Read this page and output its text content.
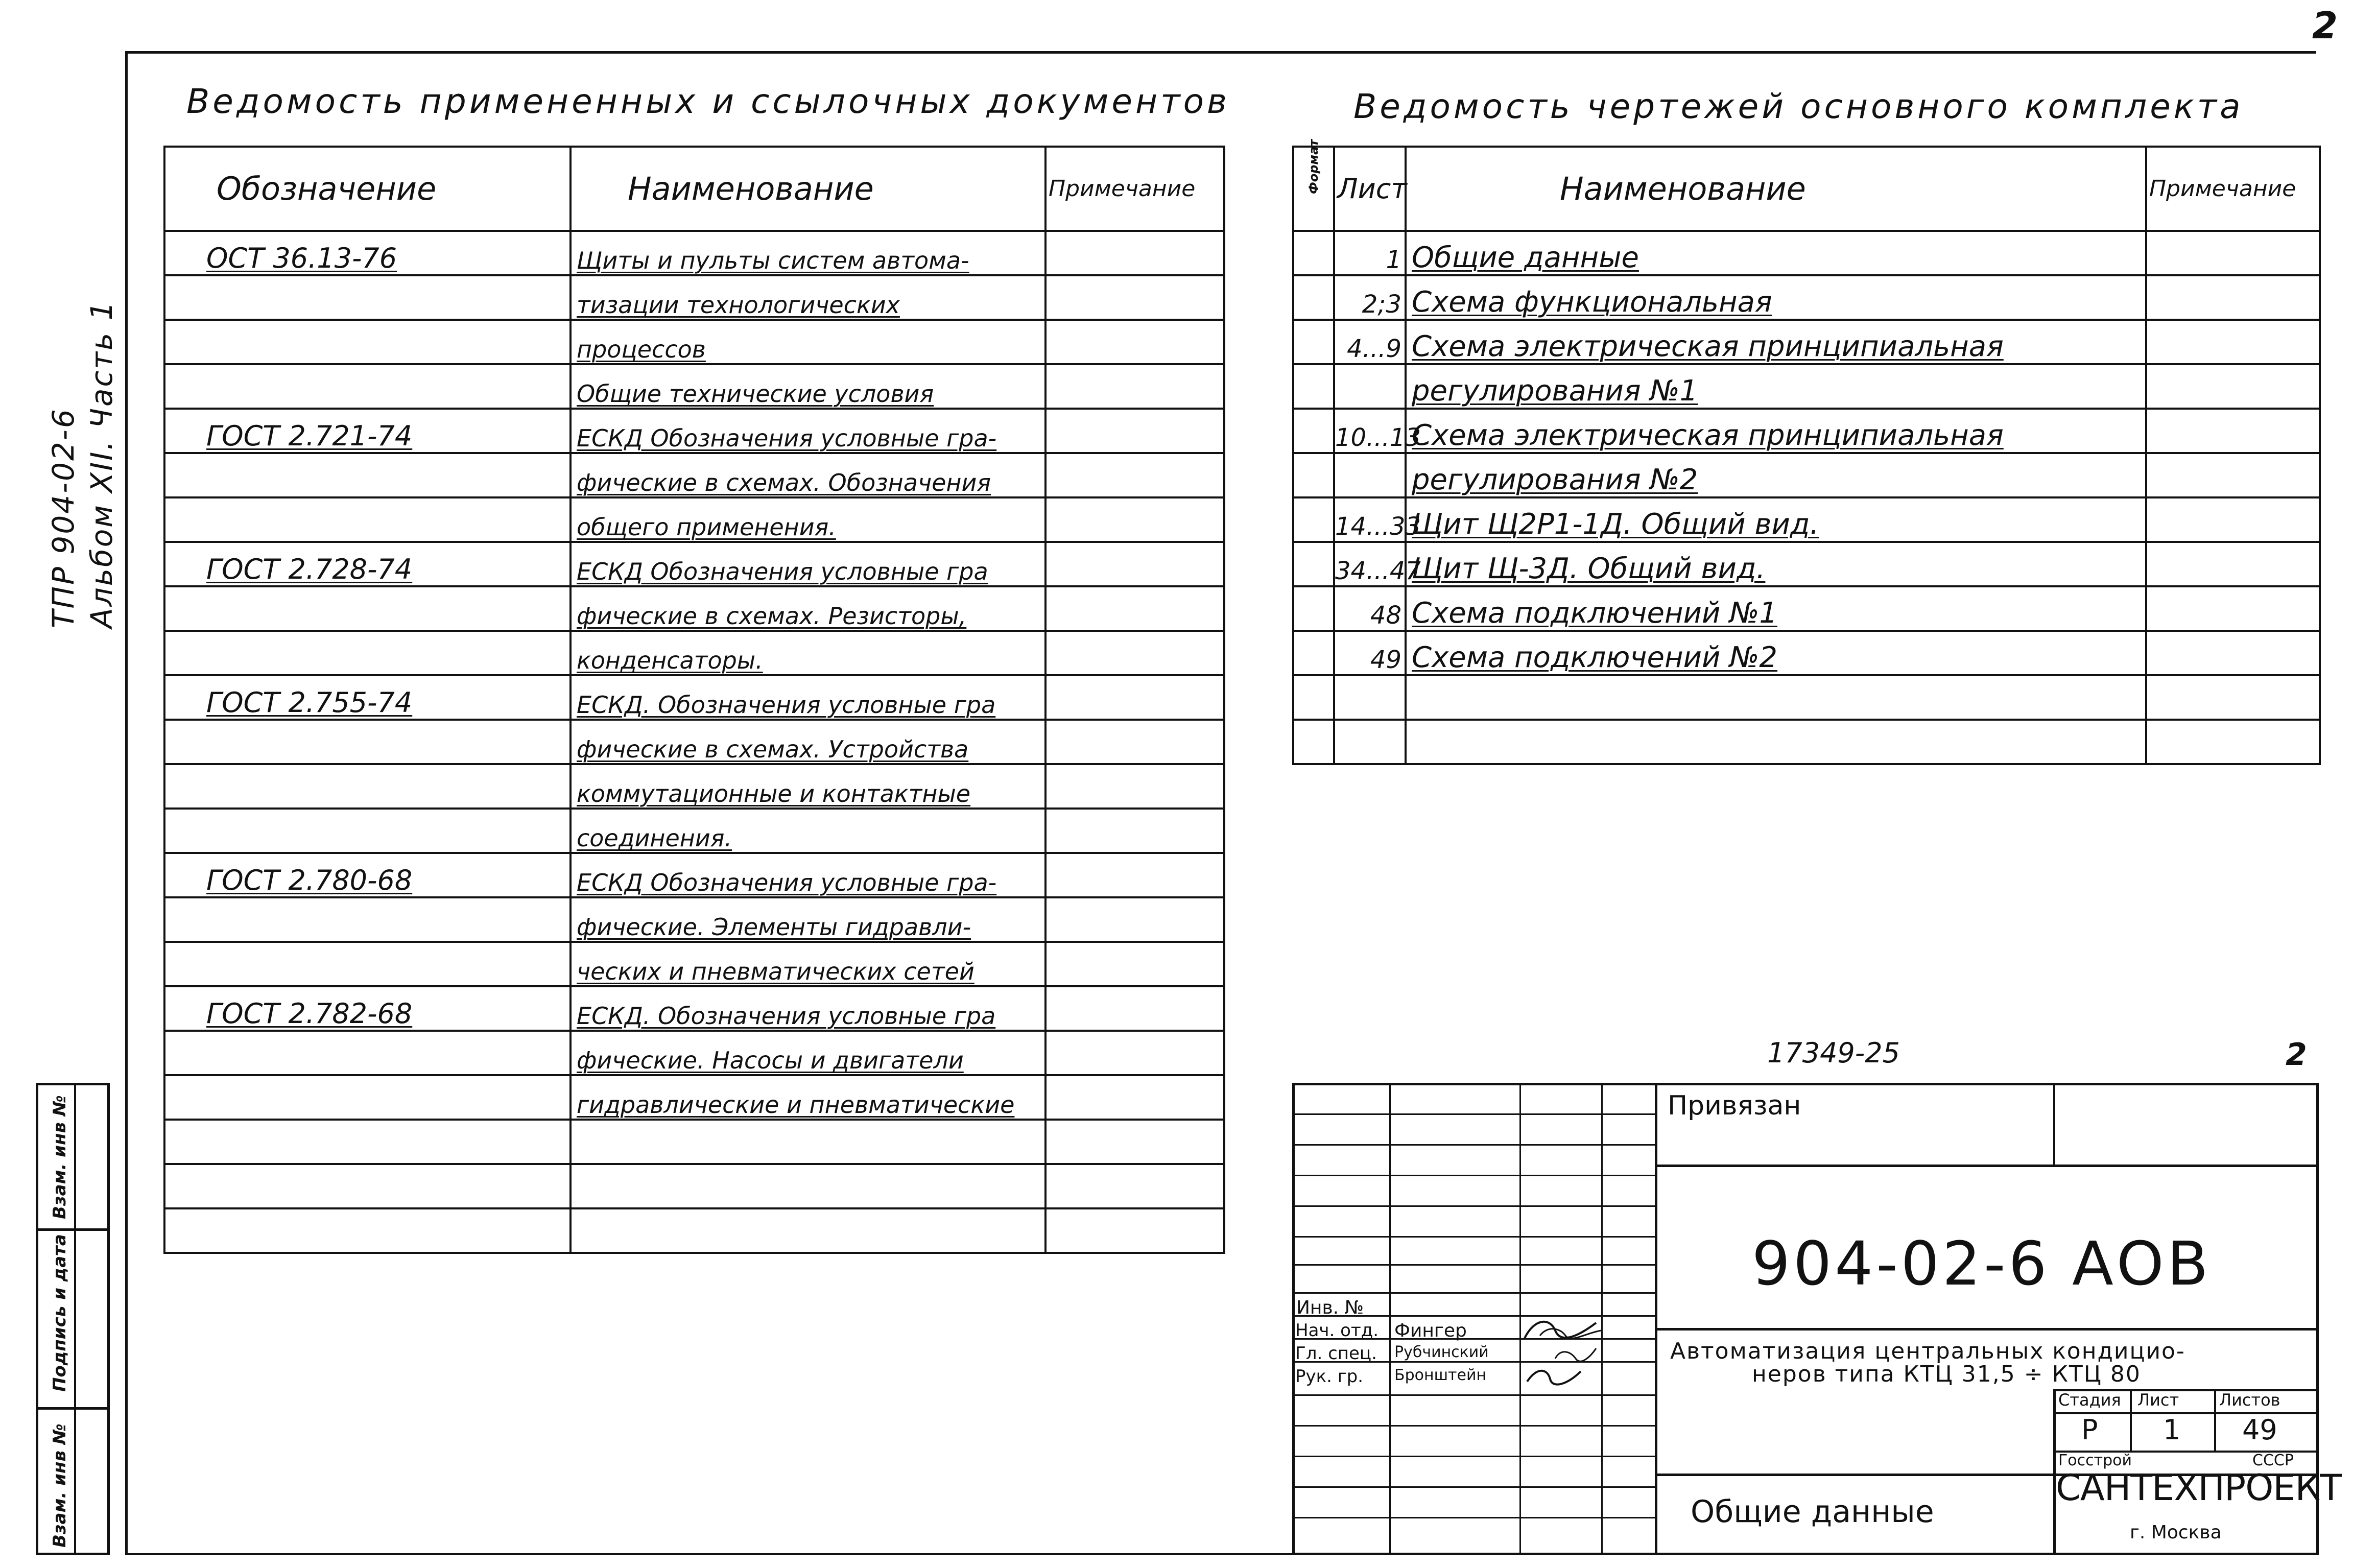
2
ТПР 904-02-6 Альбом XII. Часть 1
Ведомость примененных и ссылочных документов
Обозначение	Наименование	Примечание
ОСТ 36.13-76	Щиты и пульты систем автома-	
	тизации технологических	
	процессов	
	Общие технические условия	
ГОСТ 2.721-74	ЕСКД Обозначения условные гра-	
	фические в схемах. Обозначения	
	общего применения.	
ГОСТ 2.728-74	ЕСКД Обозначения условные гра	
	фические в схемах. Резисторы,	
	конденсаторы.	
ГОСТ 2.755-74	ЕСКД. Обозначения условные гра	
	фические в схемах. Устройства	
	коммутационные и контактные	
	соединения.	
ГОСТ 2.780-68	ЕСКД Обозначения условные гра-	
	фические. Элементы гидравли-	
	ческих и пневматических сетей	
ГОСТ 2.782-68	ЕСКД. Обозначения условные гра	
	фические. Насосы и двигатели	
	гидравлические и пневматические	

Ведомость чертежей основного комплекта
Формат	Лист	Наименование	Примечание
	1	Общие данные	
	2;3	Схема функциональная	
	4...9	Схема электрическая принципиальная	
		регулирования №1	
	10...13	Схема электрическая принципиальная	
		регулирования №2	
	14...33	Щит Щ2Р1-1Д. Общий вид.	
	34...47	Щит Щ-3Д. Общий вид.	
	48	Схема подключений №1	
	49	Схема подключений №2	

Взам. инв №
Подпись и дата
Взам. инв №
17349-25	2
Привязан
Инв. №
Нач. отд. Фингер
Гл. спец. Рубчинский
Рук. гр. Бронштейн
904-02-6 АОВ
Автоматизация центральных кондицио-
неров типа КТЦ 31,5 ÷ КТЦ 80
Стадия Лист Листов
Р 1 49
Общие данные
Госстрой	СССР
САНТЕХПРОЕКТ
г. Москва
